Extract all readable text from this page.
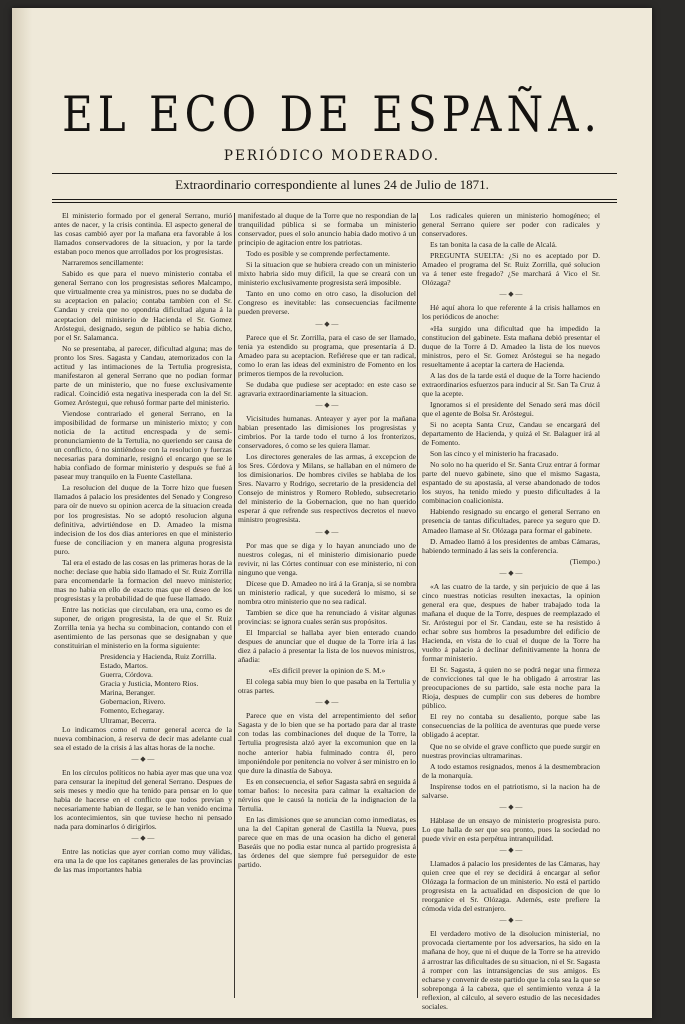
EL ECO DE ESPAÑA.
PERIÓDICO MODERADO.
Extraordinario correspondiente al lunes 24 de Julio de 1871.

El ministerio formado por el general Serrano, murió antes de nacer, y la crisis continúa. El aspecto general de las cosas cambió ayer por la mañana era favorable á los llamados conservadores de la situacion, y por la tarde estaban poco menos que arrollados por los progresistas.

Narraremos sencillamente:

Sabido es que para el nuevo ministerio contaba el general Serrano con los progresistas señores Malcampo, que virtualmente crea ya ministros, pues no se dudaba de su aceptacion en palacio; contaba tambien con el Sr. Candau y creia que no opondria dificultad alguna á la aceptacion del ministerio de Hacienda el Sr. Gomez Aróstegui, designado, segun de público se habia dicho, por el Sr. Salamanca.

No se presentaba, al parecer, dificultad alguna; mas de pronto los Sres. Sagasta y Candau, atemorizados con la actitud y las intimaciones de la Tertulia progresista, manifestaron al general Serrano que no podian formar parte de un ministerio, que no fuese exclusivamente radical. Coincidió esta negativa inesperada con la del Sr. Gomez Aróstegui, que rehusó formar parte del ministerio.

Viendose contrariado el general Serrano, en la imposibilidad de formarse un ministerio mixto; y con noticia de la actitud encrespada y de semi-pronunciamiento de la Tertulia, no queriendo ser causa de un conflicto, ó no sintiéndose con la resolucion y fuerzas necesarias para dominarle, resignó el encargo que se le habia confiado de formar ministerio y después se fué á pasear muy tranquilo en la Fuente Castellana.

La resolucion del duque de la Torre hizo que fuesen llamados á palacio los presidentes del Senado y Congreso para oír de nuevo su opinion acerca de la situacion creada por los progresistas. No se adoptó resolucion alguna definitiva, advirtiéndose en D. Amadeo la misma indecision de los dos dias anteriores en que el ministerio fuese de conciliacion y en manera alguna progresista puro.

Tal era el estado de las cosas en las primeras horas de la noche: decíase que habia sido llamado el Sr. Ruiz Zorrilla para encomendarle la formacion del nuevo ministerio; mas no habia en ello de exacto mas que el deseo de los progresistas y la probabilidad de que fuese llamado.

Entre las noticias que circulaban, era una, como es de suponer, de origen progresista, la de que el Sr. Ruiz Zorrilla tenia ya hecha su combinacion, contando con el asentimiento de las personas que se designaban y que constituirian el ministerio en la forma siguiente:

Presidencia y Hacienda, Ruiz Zorrilla.

Estado, Martos.

Guerra, Córdova.

Gracia y Justicia, Montero Rios.

Marina, Beranger.

Gobernacion, Rivero.

Fomento, Echegaray.

Ultramar, Becerra.

Lo indicamos como el rumor general acerca de la nueva combinacion, á reserva de decir mas adelante cual sea el estado de la crisis á las altas horas de la noche.

— ◆ —

En los círculos políticos no habia ayer mas que una voz para censurar la inepitud del general Serrano. Despues de seis meses y medio que ha tenido para pensar en lo que habia de hacerse en el conflicto que todos previan y necesariamente habian de llegar, se le han venido encima los acontecimientos, sin que tuviese hecho ni pensado nada para dominarlos ó dirigirlos.

— ◆ —

Entre las noticias que ayer corrian como muy válidas, era una la de que los capitanes generales de las provincias de las mas importantes habia

manifestado al duque de la Torre que no respondian de la tranquilidad pública si se formaba un ministerio conservador, pues el solo anuncio habia dado motivo á un principio de agitacion entre los patriotas.

Todo es posible y se comprende perfectamente.

Si la situacion que se hubiera creado con un ministerio mixto habria sido muy difícil, la que se creará con un ministerio exclusivamente progresista será imposible.

Tanto en uno como en otro caso, la disolucion del Congreso es inevitable: las consecuencias facilmente pueden preverse.

— ◆ —

Parece que el Sr. Zorrilla, para el caso de ser llamado, tenia ya estendido su programa, que presentaría á D. Amadeo para su aceptacion. Refiérese que er tan radical, como lo eran las ideas del exministro de Fomento en los primeros tiempos de la revolucion.

Se dudaba que pudiese ser aceptado: en este caso se agravaria extraordinariamente la situacion.

— ◆ —

Vicisitudes humanas. Anteayer y ayer por la mañana habian presentado las dimisiones los progresistas y cimbrios. Por la tarde todo el turno á los fronterizos, conservadores, ó como se les quiera llamar.

Los directores generales de las armas, á excepcion de los Sres. Córdova y Milans, se hallaban en el número de los dimisionarios. De hombres civiles se hablaba de los Sres. Navarro y Rodrigo, secretario de la presidencia del Consejo de ministros y Romero Robledo, subsecretario del ministerio de la Gobernacion, que no han querido esperar á que refrende sus respectivos decretos el nuevo ministro progresista.

— ◆ —

Por mas que se diga y lo hayan anunciado uno de nuestros colegas, ni el ministerio dimisionario puede revivir, ni las Córtes continuar con ese ministerio, ni con ninguno que venga.

Dícese que D. Amadeo no irá á la Granja, si se nombra un ministerio radical, y que sucederá lo mismo, si se nombra otro ministerio que no sea radical.

Tambien se dice que ha renunciado á visitar algunas provincias: se ignora cuales serán sus propósitos.

El Imparcial se hallaba ayer bien enterado cuando despues de anunciar que el duque de la Torre iría á las diez á palacio á presentar la lista de los nuevos ministros, añadia:

«Es difícil prever la opinion de S. M.»

El colega sabia muy bien lo que pasaba en la Tertulia y otras partes.

— ◆ —

Parece que en vista del arrepentimiento del señor Sagasta y de lo bien que se ha portado para dar al traste con todas las combinaciones del duque de la Torre, la Tertulia progresista alzó ayer la excomunion que en la noche anterior habia fulminado contra él, pero imponiéndole por penitencia no volver á ser ministro en lo que dure la dinastía de Saboya.

Es en consecuencia, el señor Sagasta sabrá en seguida á tomar baños: lo necesita para calmar la exaltacion de nérvios que le causó la noticia de la indignacion de la Tertulia.

En las dimisiones que se anuncian como inmediatas, es una la del Capitan general de Castilla la Nueva, pues parece que en mas de una ocasion ha dicho el general Baseáis que no podia estar nunca al partido progresista á las órdenes del que siempre fué perseguidor de este partido.

Los radicales quieren un ministerio homogéneo; el general Serrano quiere ser poder con radicales y conservadores.

Es tan bonita la casa de la calle de Alcalá.

PREGUNTA SUELTA: ¿Si no es aceptado por D. Amadeo el programa del Sr. Ruiz Zorrilla, qué solucion va á tener este fregado? ¿Se marchará á Vico el Sr. Olózaga?

— ◆ —

Hé aquí ahora lo que referente á la crisis hallamos en los periódicos de anoche:

«Ha surgido una dificultad que ha impedido la constitucion del gabinete. Esta mañana debió presentar el duque de la Torre á D. Amadeo la lista de los nuevos ministros, pero el Sr. Gomez Aróstegui se ha negado resueltamente á aceptar la cartera de Hacienda.

A las dos de la tarde está el duque de la Torre haciendo extraordinarios esfuerzos para inducir al Sr. San Ta Cruz á que la acepte.

Ignoramos si el presidente del Senado será mas dócil que el agente de Bolsa Sr. Aróstegui.

Si no acepta Santa Cruz, Candau se encargará del departamento de Hacienda, y quizá el Sr. Balaguer irá al de Fomento.

Son las cinco y el ministerio ha fracasado.

No solo no ha querido el Sr. Santa Cruz entrar á formar parte del nuevo gabinete, sino que el mismo Sagasta, espantado de su apostasía, al verse abandonado de todos los suyos, ha tenido miedo y puesto dificultades á la combinacion coalicionista.

Habiendo resignado su encargo el general Serrano en presencia de tantas dificultades, parece ya seguro que D. Amadeo llamase al Sr. Olózaga para formar el gabinete.

D. Amadeo llamó á los presidentes de ambas Cámaras, habiendo terminado á las seis la conferencia.

(Tiempo.)

— ◆ —

«A las cuatro de la tarde, y sin perjuicio de que á las cinco nuestras noticias resulten inexactas, la opinion general era que, despues de haber trabajado toda la mañana el duque de la Torre, despues de reemplazado el Sr. Aróstegui por el Sr. Candau, este se ha resistido á echar sobre sus hombros la pesadumbre del edificio de Hacienda, en vista de lo cual el duque de la Torre ha vuelto á palacio á declinar definitivamente la honra de formar ministerio.

El Sr. Sagasta, á quien no se podrá negar una firmeza de convicciones tal que le ha obligado á arrostrar las preocupaciones de su partido, sale esta noche para la Rioja, despues de cumplir con sus deberes de hombre público.

El rey no contaba su desaliento, porque sabe las consecuencias de la política de aventuras que puede verse obligado á aceptar.

Que no se olvide el grave conflicto que puede surgir en nuestras provincias ultramarinas.

A todo estamos resignados, menos á la desmembracion de la monarquía.

Inspírense todos en el patriotismo, si la nacion ha de salvarse.

— ◆ —

Háblase de un ensayo de ministerio progresista puro. Lo que halla de ser que sea pronto, pues la sociedad no puede vivir en esta perpétua intranquilidad.

— ◆ —

Llamados á palacio los presidentes de las Cámaras, hay quien cree que el rey se decidirá á encargar al señor Olózaga la formacion de un ministerio. No está el partido progresista en la actualidad en disposicion de que lo reorganice el Sr. Olózaga. Ademés, este prefiere la cómoda vida del estranjero.

— ◆ —

El verdadero motivo de la disolucion ministerial, no provocada ciertamente por los adversarios, ha sido en la mañana de hoy, que ni el duque de la Torre se ha atrevido á arrostrar las dificultades de su situacion, ni el Sr. Sagasta á romper con las intransigencias de sus amigos. Es echarse y convenir de este partido que la cola sea la que se sobreponga á la cabeza, que el sentimiento venza á la reflexion, al cálculo, al severo estudio de las necesidades sociales.
